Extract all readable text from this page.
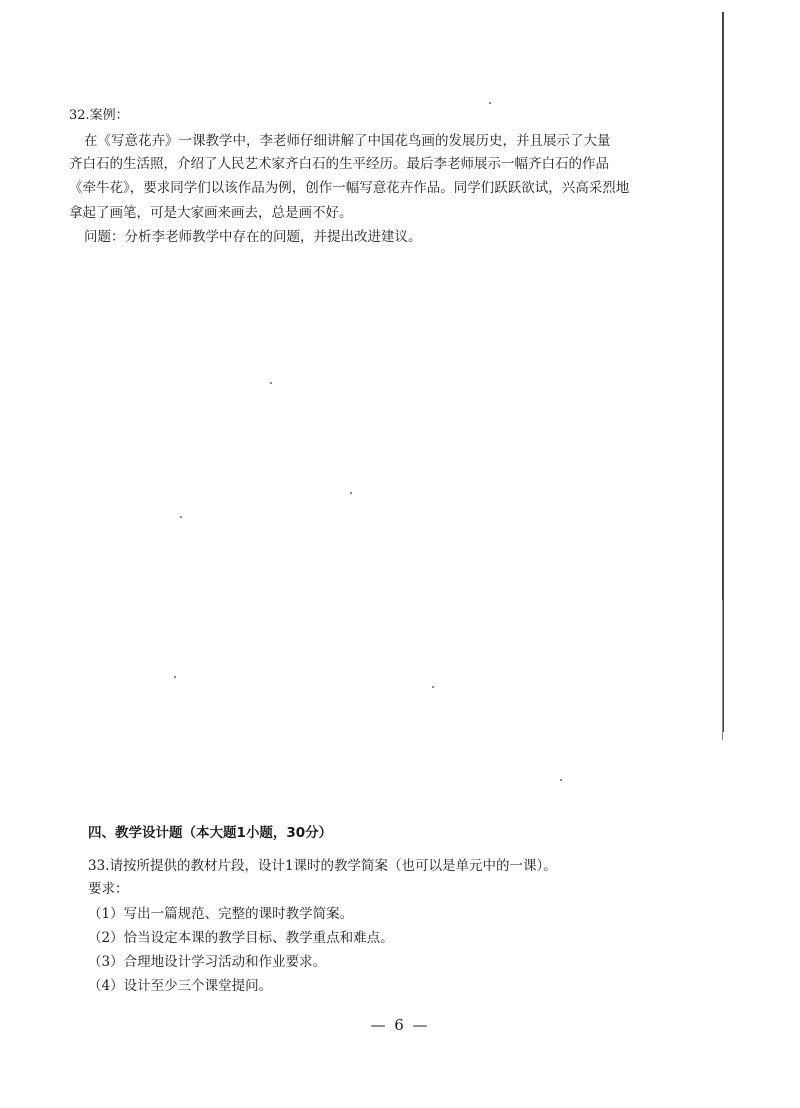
32.案例：
在《写意花卉》一课教学中，李老师仔细讲解了中国花鸟画的发展历史，并且展示了大量
齐白石的生活照，介绍了人民艺术家齐白石的生平经历。最后李老师展示一幅齐白石的作品
《牵牛花》，要求同学们以该作品为例，创作一幅写意花卉作品。同学们跃跃欲试，兴高采烈地
拿起了画笔，可是大家画来画去，总是画不好。
问题：分析李老师教学中存在的问题，并提出改进建议。
四、教学设计题（本大题1小题，30分）
33.请按所提供的教材片段，设计1课时的教学简案（也可以是单元中的一课）。
要求：
（1）写出一篇规范、完整的课时教学简案。
（2）恰当设定本课的教学目标、教学重点和难点。
（3）合理地设计学习活动和作业要求。
（4）设计至少三个课堂提问。
— 6 —
